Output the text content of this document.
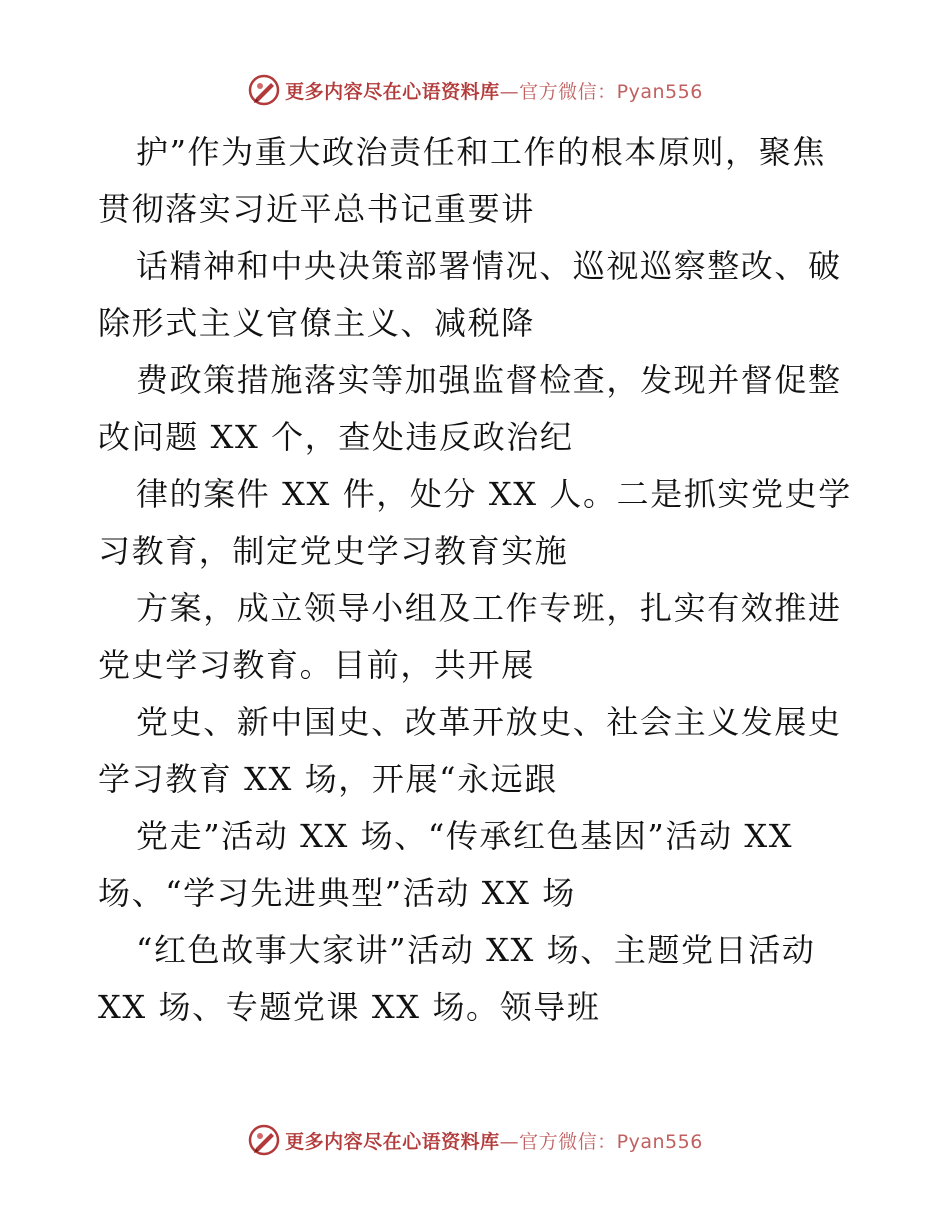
更多内容尽在心语资料库 —官方微信：Pyan556
护”作为重大政治责任和工作的根本原则，聚焦
贯彻落实习近平总书记重要讲
话精神和中央决策部署情况、巡视巡察整改、破
除形式主义官僚主义、减税降
费政策措施落实等加强监督检查，发现并督促整
改问题 XX 个，查处违反政治纪
律的案件 XX 件，处分 XX 人。二是抓实党史学
习教育，制定党史学习教育实施
方案，成立领导小组及工作专班，扎实有效推进
党史学习教育。目前，共开展
党史、新中国史、改革开放史、社会主义发展史
学习教育 XX 场，开展“永远跟
党走”活动 XX 场、“传承红色基因”活动 XX
场、“学习先进典型”活动 XX 场
“红色故事大家讲”活动 XX 场、主题党日活动
XX 场、专题党课 XX 场。领导班
更多内容尽在心语资料库 —官方微信：Pyan556
